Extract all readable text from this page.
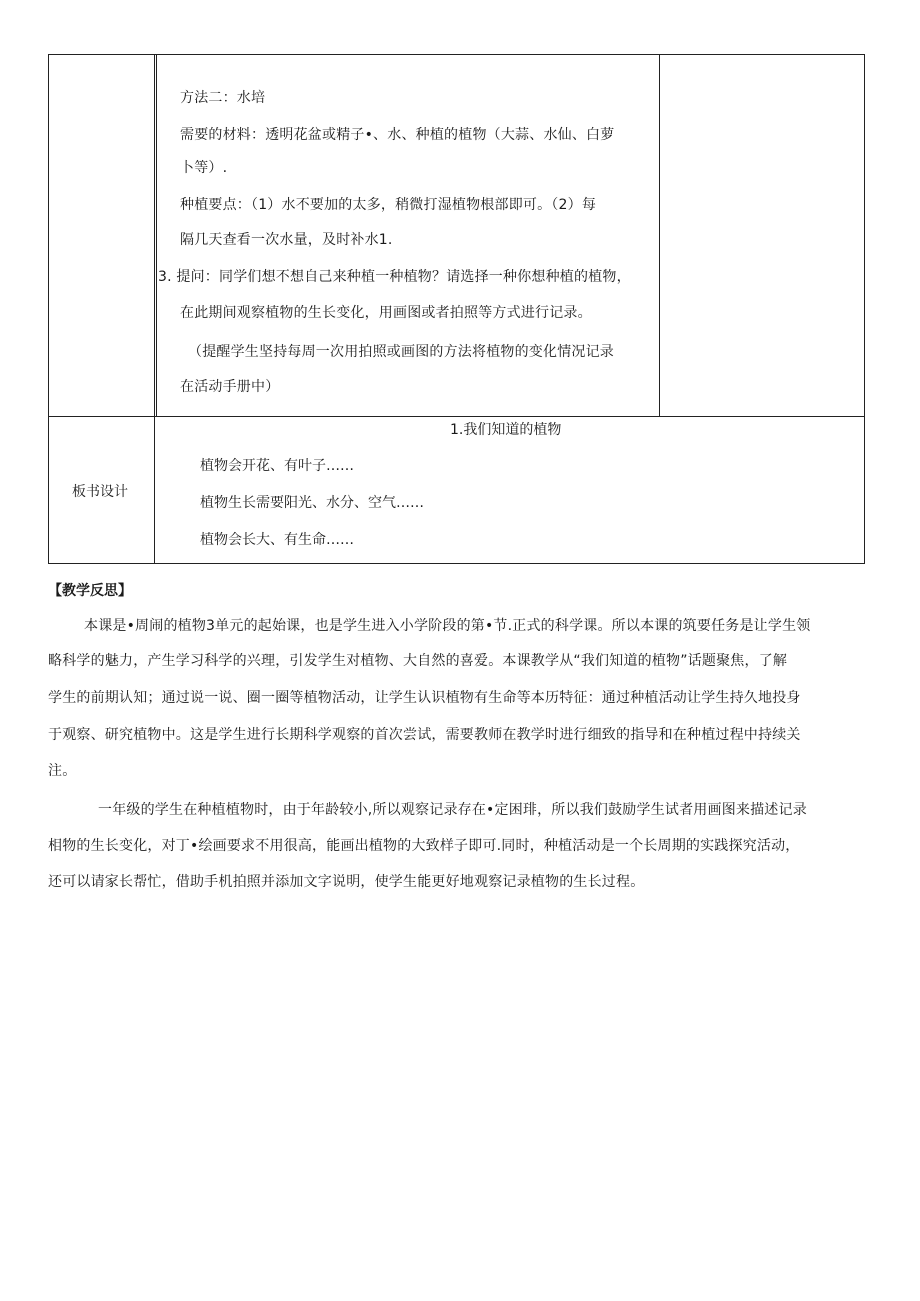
方法二：水培
需要的材料：透明花盆或精子•、水、种植的植物（大蒜、水仙、白萝
卜等）.
种植要点：（1）水不要加的太多，稍微打湿植物根部即可。（2）每
隔几天查看一次水量，及时补水1.
3. 提问：同学们想不想自己来种植一种植物？请选择一种你想种植的植物，
在此期间观察植物的生长变化，用画图或者拍照等方式进行记录。
（提醒学生坚持每周一次用拍照或画图的方法将植物的变化情况记录
在活动手册中）
板书设计
1.我们知道的植物
植物会开花、有叶子……
植物生长需要阳光、水分、空气……
植物会长大、有生命……
【教学反思】
本课是•周闹的植物3单元的起始课，也是学生进入小学阶段的第•节.正式的科学课。所以本课的筑要任务是让学生领
略科学的魅力，产生学习科学的兴理，引发学生对植物、大自然的喜爱。本课教学从“我们知道的植物”话题聚焦，了解
学生的前期认知；通过说一说、圈一圈等植物活动，让学生认识植物有生命等本历特征：通过种植活动让学生持久地投身
于观察、研究植物中。这是学生进行长期科学观察的首次尝试，需要教师在教学时进行细致的指导和在种植过程中持续关
注。
一年级的学生在种植植物时，由于年龄较小,所以观察记录存在•定困琲，所以我们鼓励学生试者用画图来描述记录
相物的生长变化，对丁•绘画要求不用很高，能画出植物的大致样子即可.同时，种植活动是一个长周期的实践探究活动，
还可以请家长帮忙，借助手机拍照并添加文字说明，使学生能更好地观察记录植物的生长过程。
